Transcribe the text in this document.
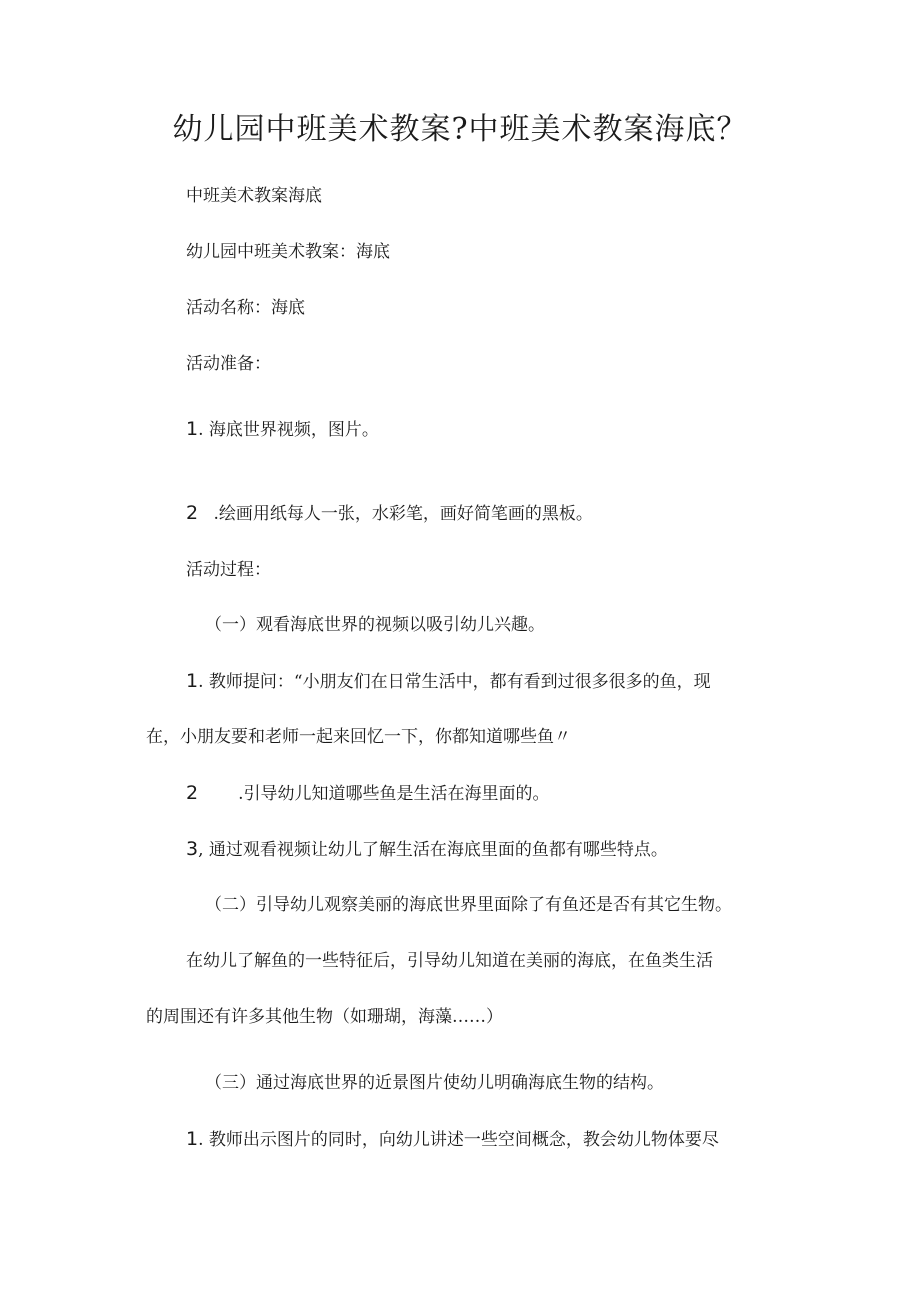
幼儿园中班美术教案?中班美术教案海底？
中班美术教案海底
幼儿园中班美术教案：海底
活动名称：海底
活动准备：
1. 海底世界视频，图片。
2 .绘画用纸每人一张，水彩笔，画好简笔画的黑板。
活动过程：
（一）观看海底世界的视频以吸引幼儿兴趣。
1. 教师提问：“小朋友们在日常生活中，都有看到过很多很多的鱼，现
在，小朋友要和老师一起来回忆一下，你都知道哪些鱼〃
2 .引导幼儿知道哪些鱼是生活在海里面的。
3, 通过观看视频让幼儿了解生活在海底里面的鱼都有哪些特点。
（二）引导幼儿观察美丽的海底世界里面除了有鱼还是否有其它生物。
在幼儿了解鱼的一些特征后，引导幼儿知道在美丽的海底，在鱼类生活
的周围还有许多其他生物（如珊瑚，海藻……）
（三）通过海底世界的近景图片使幼儿明确海底生物的结构。
1. 教师出示图片的同时，向幼儿讲述一些空间概念，教会幼儿物体要尽
